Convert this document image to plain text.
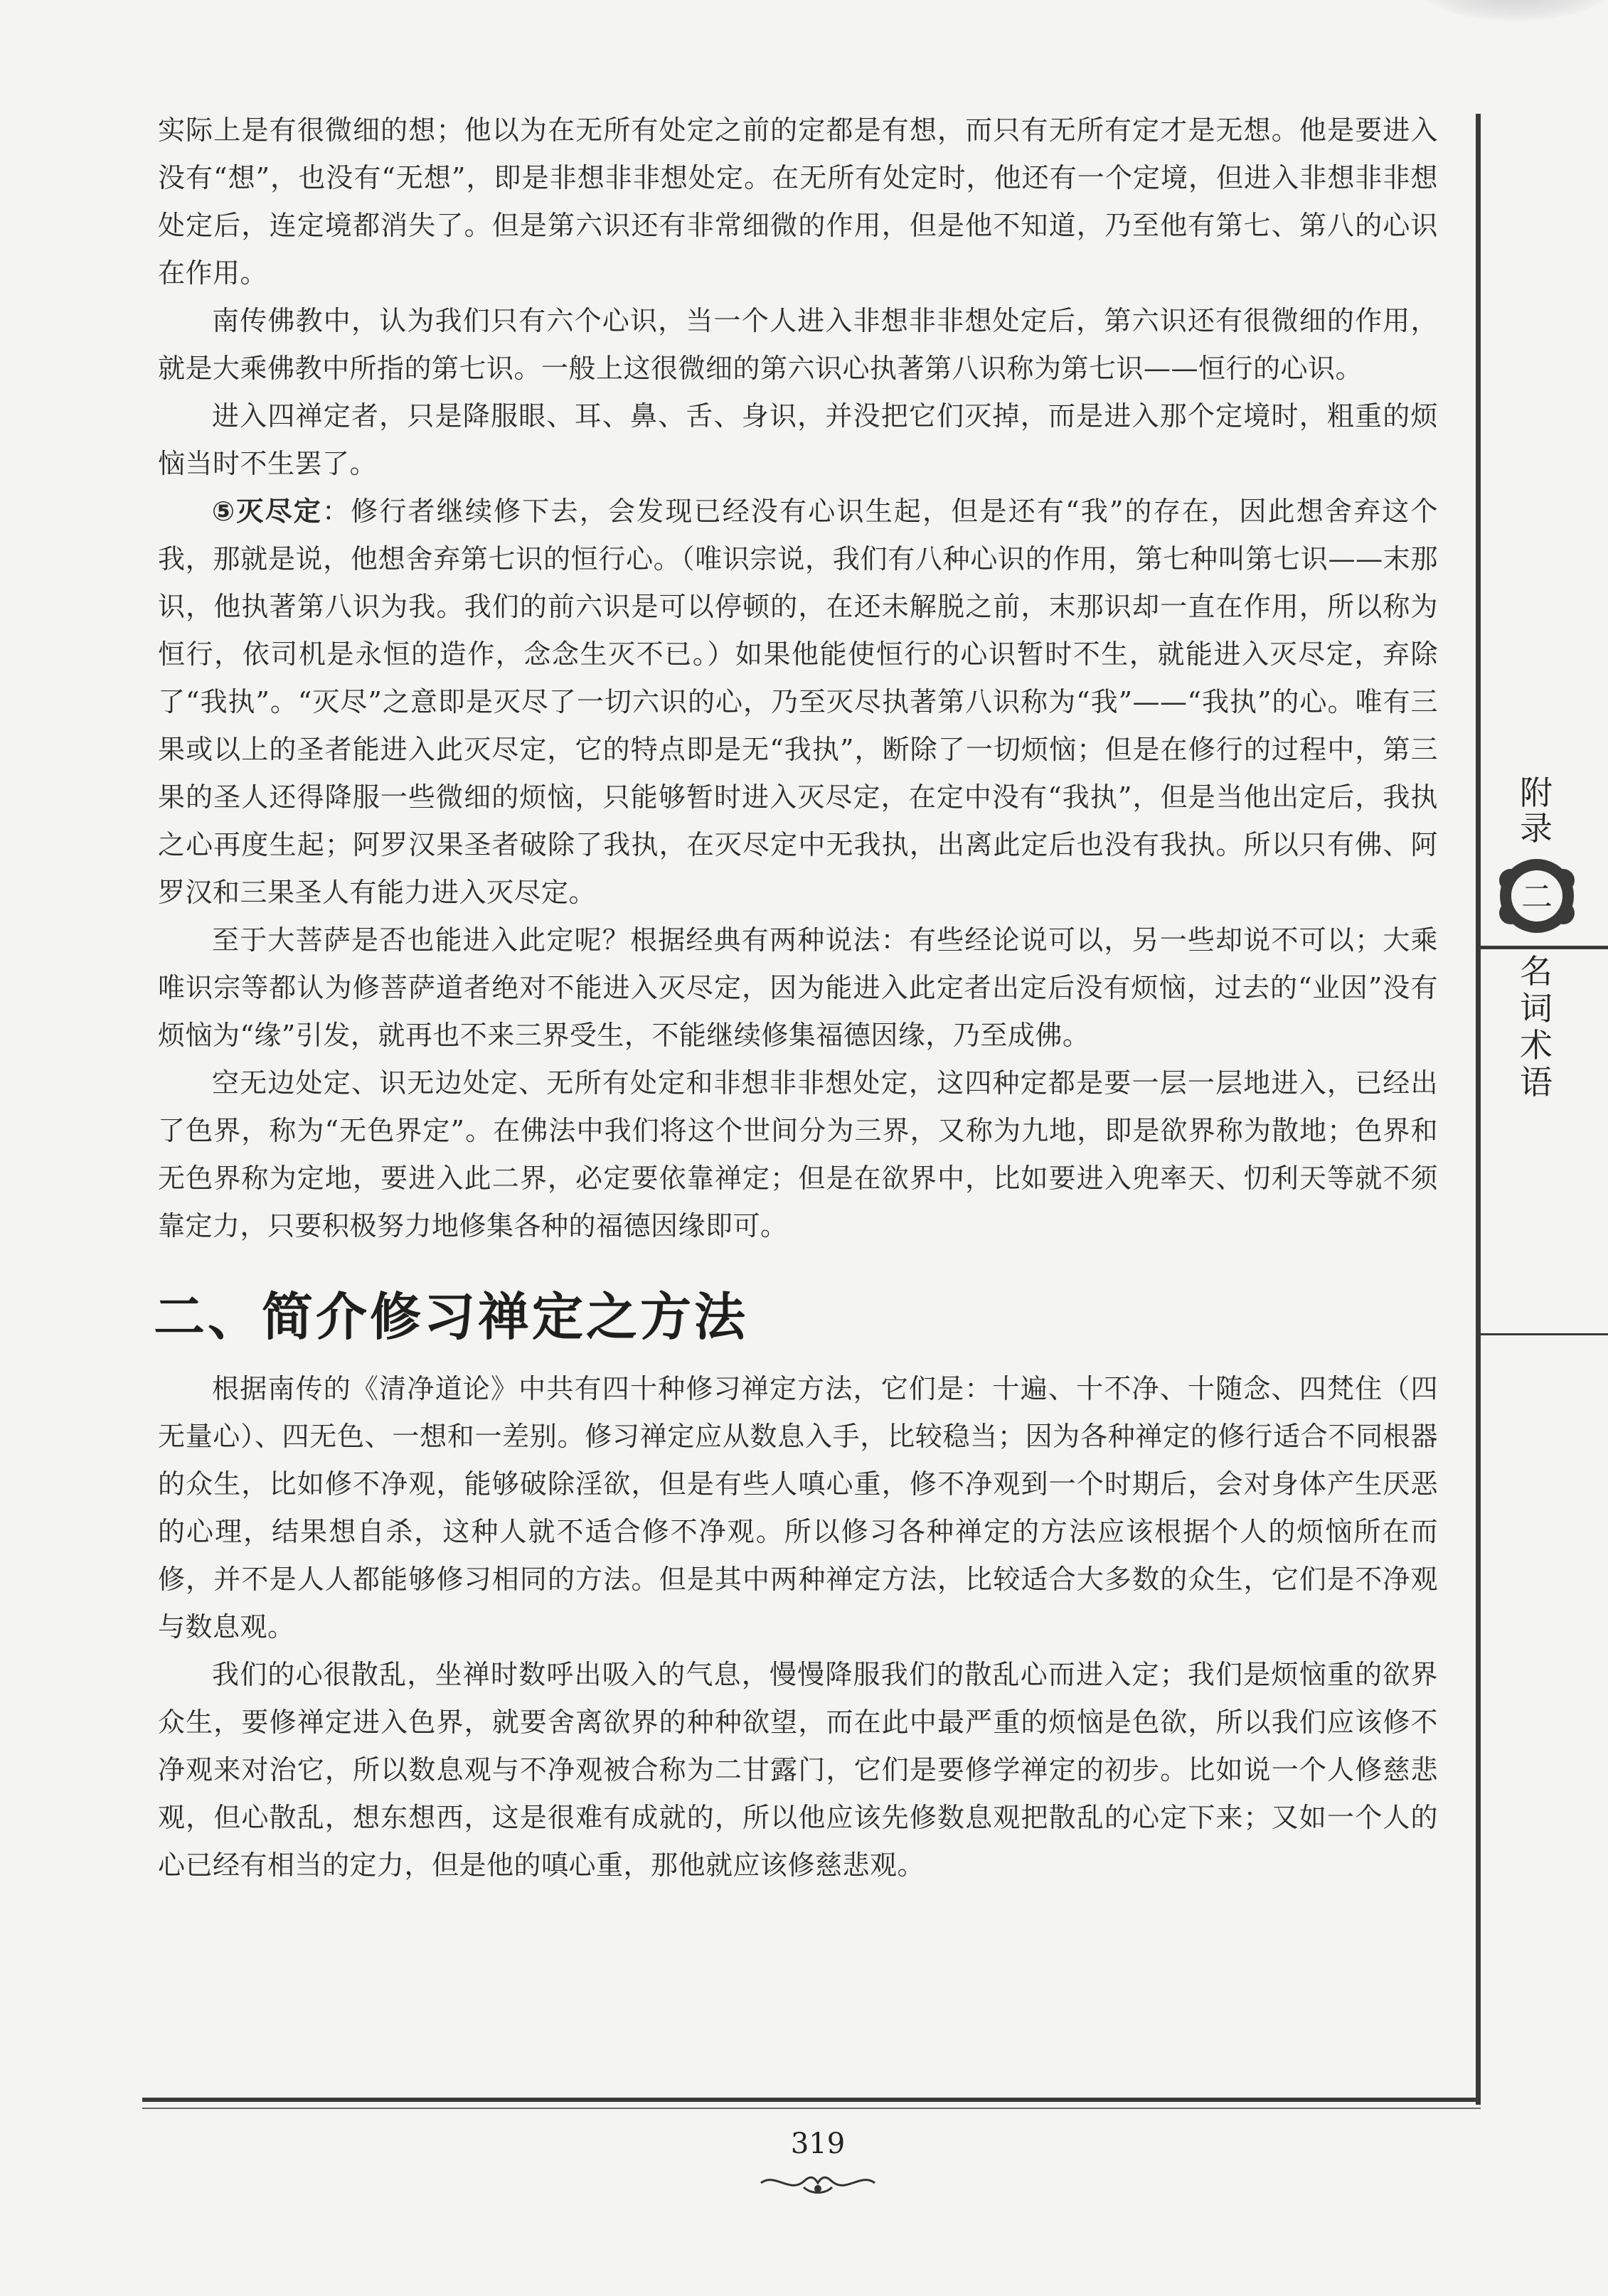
实际上是有很微细的想；他以为在无所有处定之前的定都是有想，而只有无所有定才是无想。他是要进入没有“想”，也没有“无想”，即是非想非非想处定。在无所有处定时，他还有一个定境，但进入非想非非想处定后，连定境都消失了。但是第六识还有非常细微的作用，但是他不知道，乃至他有第七、第八的心识在作用。

南传佛教中，认为我们只有六个心识，当一个人进入非想非非想处定后，第六识还有很微细的作用，就是大乘佛教中所指的第七识。一般上这很微细的第六识心执著第八识称为第七识——恒行的心识。

进入四禅定者，只是降服眼、耳、鼻、舌、身识，并没把它们灭掉，而是进入那个定境时，粗重的烦恼当时不生罢了。

⑤灭尽定：修行者继续修下去，会发现已经没有心识生起，但是还有“我”的存在，因此想舍弃这个我，那就是说，他想舍弃第七识的恒行心。（唯识宗说，我们有八种心识的作用，第七种叫第七识——末那识，他执著第八识为我。我们的前六识是可以停顿的，在还未解脱之前，末那识却一直在作用，所以称为恒行，依司机是永恒的造作，念念生灭不已。）如果他能使恒行的心识暂时不生，就能进入灭尽定，弃除了“我执”。“灭尽”之意即是灭尽了一切六识的心，乃至灭尽执著第八识称为“我”——“我执”的心。唯有三果或以上的圣者能进入此灭尽定，它的特点即是无“我执”，断除了一切烦恼；但是在修行的过程中，第三果的圣人还得降服一些微细的烦恼，只能够暂时进入灭尽定，在定中没有“我执”，但是当他出定后，我执之心再度生起；阿罗汉果圣者破除了我执，在灭尽定中无我执，出离此定后也没有我执。所以只有佛、阿罗汉和三果圣人有能力进入灭尽定。

至于大菩萨是否也能进入此定呢？根据经典有两种说法：有些经论说可以，另一些却说不可以；大乘唯识宗等都认为修菩萨道者绝对不能进入灭尽定，因为能进入此定者出定后没有烦恼，过去的“业因”没有烦恼为“缘”引发，就再也不来三界受生，不能继续修集福德因缘，乃至成佛。

空无边处定、识无边处定、无所有处定和非想非非想处定，这四种定都是要一层一层地进入，已经出了色界，称为“无色界定”。在佛法中我们将这个世间分为三界，又称为九地，即是欲界称为散地；色界和无色界称为定地，要进入此二界，必定要依靠禅定；但是在欲界中，比如要进入兜率天、忉利天等就不须靠定力，只要积极努力地修集各种的福德因缘即可。

二、简介修习禅定之方法

根据南传的《清净道论》中共有四十种修习禅定方法，它们是：十遍、十不净、十随念、四梵住（四无量心）、四无色、一想和一差别。修习禅定应从数息入手，比较稳当；因为各种禅定的修行适合不同根器的众生，比如修不净观，能够破除淫欲，但是有些人嗔心重，修不净观到一个时期后，会对身体产生厌恶的心理，结果想自杀，这种人就不适合修不净观。所以修习各种禅定的方法应该根据个人的烦恼所在而修，并不是人人都能够修习相同的方法。但是其中两种禅定方法，比较适合大多数的众生，它们是不净观与数息观。

我们的心很散乱，坐禅时数呼出吸入的气息，慢慢降服我们的散乱心而进入定；我们是烦恼重的欲界众生，要修禅定进入色界，就要舍离欲界的种种欲望，而在此中最严重的烦恼是色欲，所以我们应该修不净观来对治它，所以数息观与不净观被合称为二甘露门，它们是要修学禅定的初步。比如说一个人修慈悲观，但心散乱，想东想西，这是很难有成就的，所以他应该先修数息观把散乱的心定下来；又如一个人的心已经有相当的定力，但是他的嗔心重，那他就应该修慈悲观。

附录
二
名
词
术
语
319
